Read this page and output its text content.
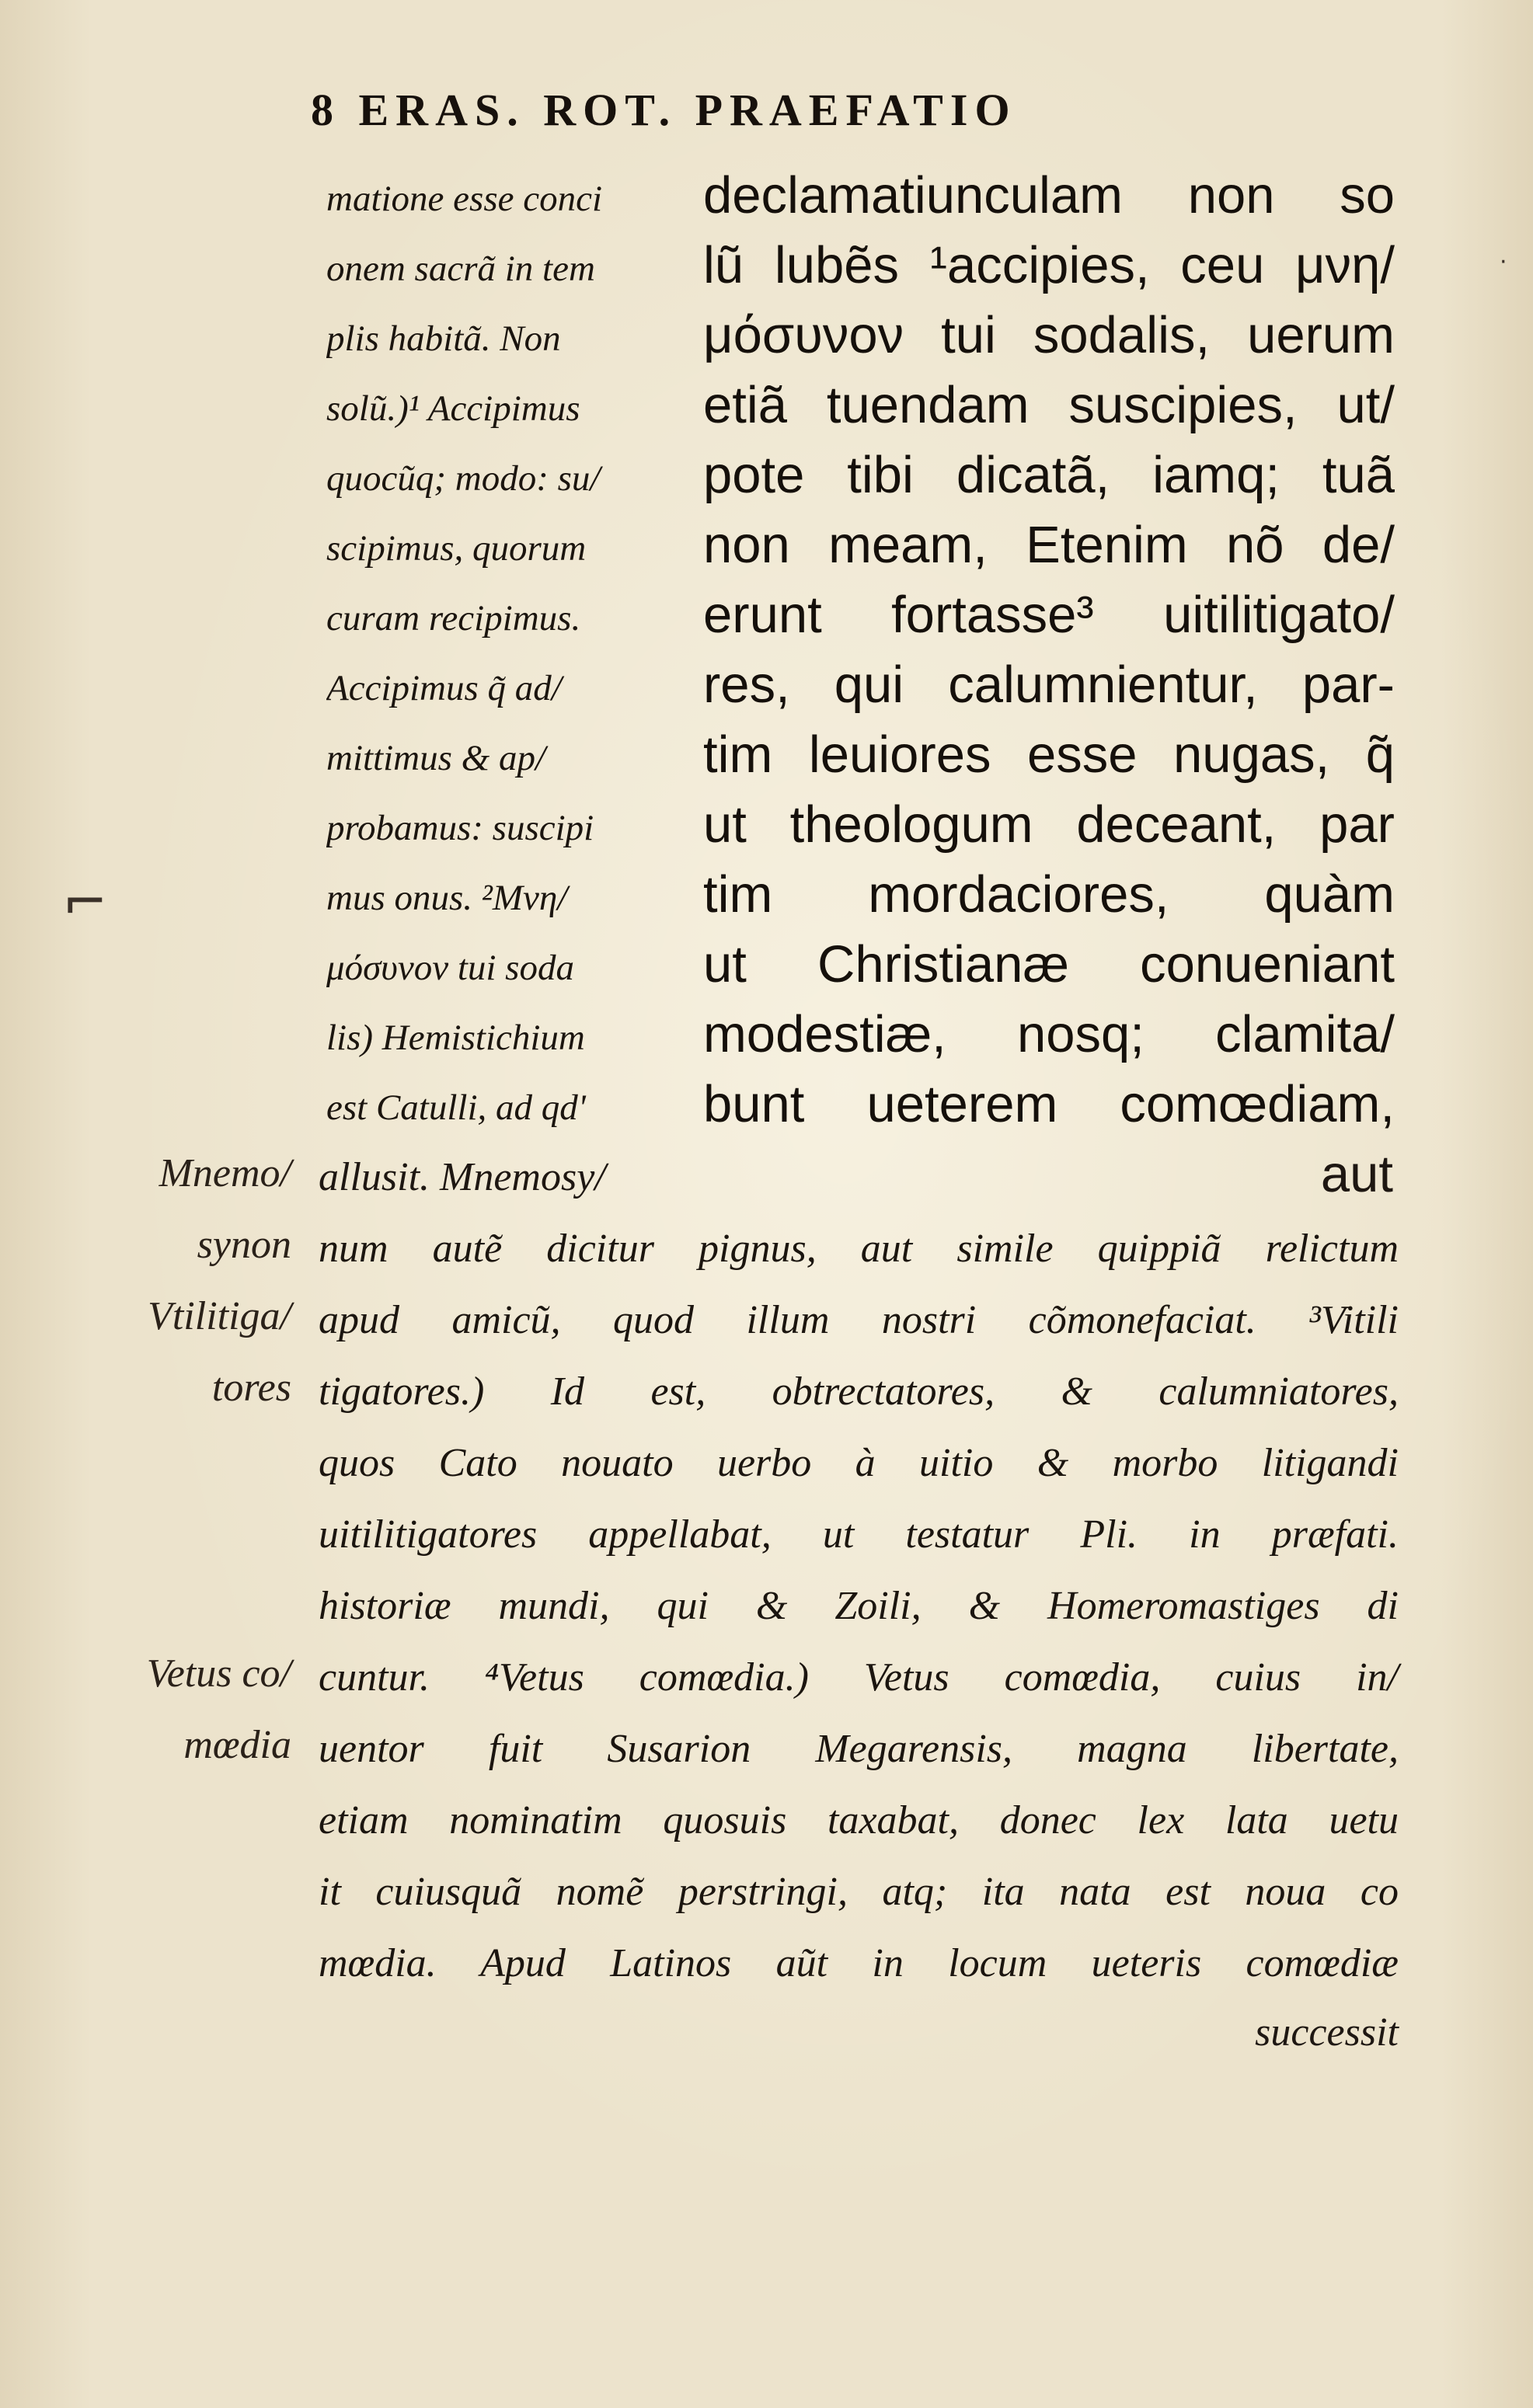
8 ERAS. ROT. PRAEFATIO
matione esse conci	declamatiunculam non so
onem sacrã in tem	lũ lubẽs ¹accipies, ceu μνη/
plis habitã. Non	μόσυνον tui sodalis, uerum
solũ.)¹ Accipimus	etiã tuendam suscipies, ut/
quocũq; modo: su/	pote tibi dicatã, iamq; tuã
scipimus, quorum	non meam, Etenim nõ de/
curam recipimus.	erunt fortasse³ uitilitigato/
Accipimus q̃ ad/	res, qui calumnientur, par-
mittimus & ap/	tim leuiores esse nugas, q̃
probamus: suscipi	ut theologum deceant, par
mus onus. ²Μνη/	tim mordaciores, quàm
μόσυνον tui soda	ut Christianæ conueniant
lis) Hemistichium	modestiæ, nosq; clamita/
est Catulli, ad qd'	bunt ueterem comœdiam,
allusit. Mnemosy/	aut
num autẽ dicitur pignus, aut simile quippiã relictum
apud amicũ, quod illum nostri cõmonefaciat. ³Vitili
tigatores.) Id est, obtrectatores, & calumniatores,
quos Cato nouato uerbo à uitio & morbo litigandi
uitilitigatores appellabat, ut testatur Pli. in præfati.
historiæ mundi, qui & Zoili, & Homeromastiges di
cuntur. ⁴Vetus comœdia.) Vetus comœdia, cuius in/
uentor fuit Susarion Megarensis, magna libertate,
etiam nominatim quosuis taxabat, donec lex lata uetu
it cuiusquã nomẽ perstringi, atq; ita nata est noua co
mœdia. Apud Latinos aũt in locum ueteris comœdiæ
successit
Mnemo/
synon
Vtilitiga/
tores
Vetus co/
mœdia
⌐
·
